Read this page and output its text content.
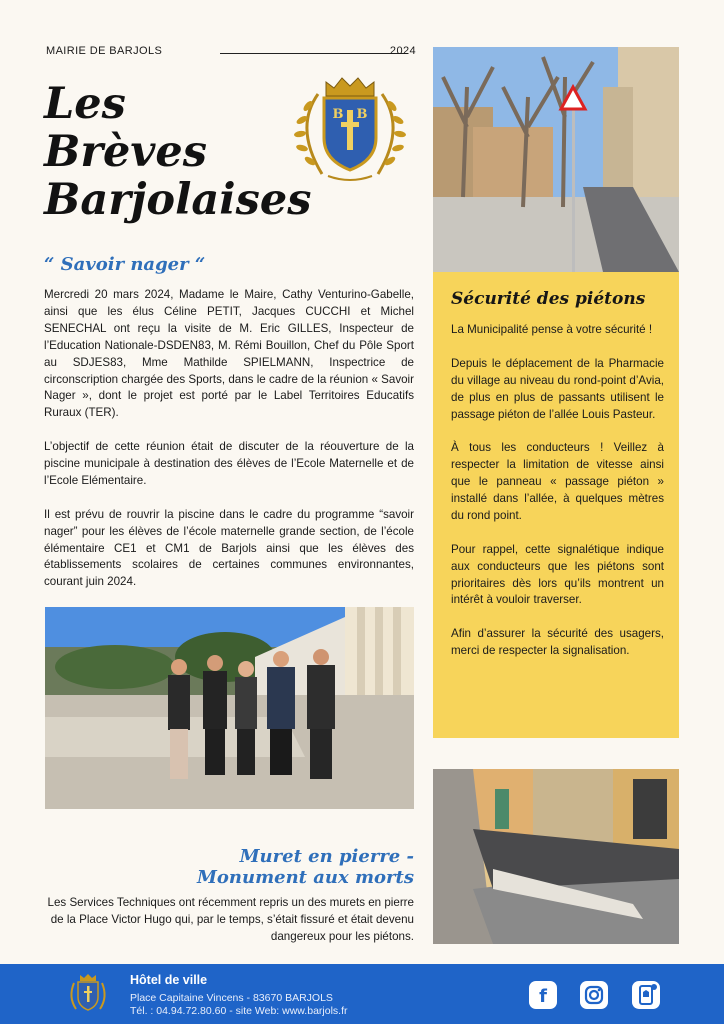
MAIRIE DE BARJOLS	2024
Les
Brèves
Barjolaises
B B
“ Savoir nager “

Mercredi 20 mars 2024, Madame le Maire, Cathy Venturino-Gabelle, ainsi que les élus Céline PETIT, Jacques CUCCHI et Michel SENECHAL ont reçu la visite de M. Eric GILLES, Inspecteur de l’Education Nationale-DSDEN83, M. Rémi Bouillon, Chef du Pôle Sport au SDJES83, Mme Mathilde SPIELMANN, Inspectrice de circonscription chargée des Sports, dans le cadre de la réunion « Savoir Nager », dont le projet est porté par le Label Territoires Educatifs Ruraux (TER).

L’objectif de cette réunion était de discuter de la réouverture de la piscine municipale à destination des élèves de l’Ecole Maternelle et de l’Ecole Elémentaire.

Il est prévu de rouvrir la piscine dans le cadre du programme “savoir nager” pour les élèves de l’école maternelle grande section, de l’école élémentaire CE1 et CM1 de Barjols ainsi que les élèves des établissements scolaires de certaines communes environnantes, courant juin 2024.

Sécurité des piétons

La Municipalité pense à votre sécurité !

Depuis le déplacement de la Pharmacie du village au niveau du rond-point d’Avia, de plus en plus de passants utilisent le passage piéton de l’allée Louis Pasteur.

À tous les conducteurs ! Veillez à respecter la limitation de vitesse ainsi que le panneau « passage piéton » installé dans l’allée, à quelques mètres du rond point.

Pour rappel, cette signalétique indique aux conducteurs que les piétons sont prioritaires dès lors qu’ils montrent un intérêt à vouloir traverser.

Afin d’assurer la sécurité des usagers, merci de respecter la signalisation.

Muret en pierre -
Monument aux morts
Les Services Techniques ont récemment repris un des murets en pierre de la Place Victor Hugo qui, par le temps, s’était fissuré et était devenu dangereux pour les piétons.
Hôtel de ville
Place Capitaine Vincens - 83670 BARJOLS
Tél. : 04.94.72.80.60 - site Web: www.barjols.fr
f
